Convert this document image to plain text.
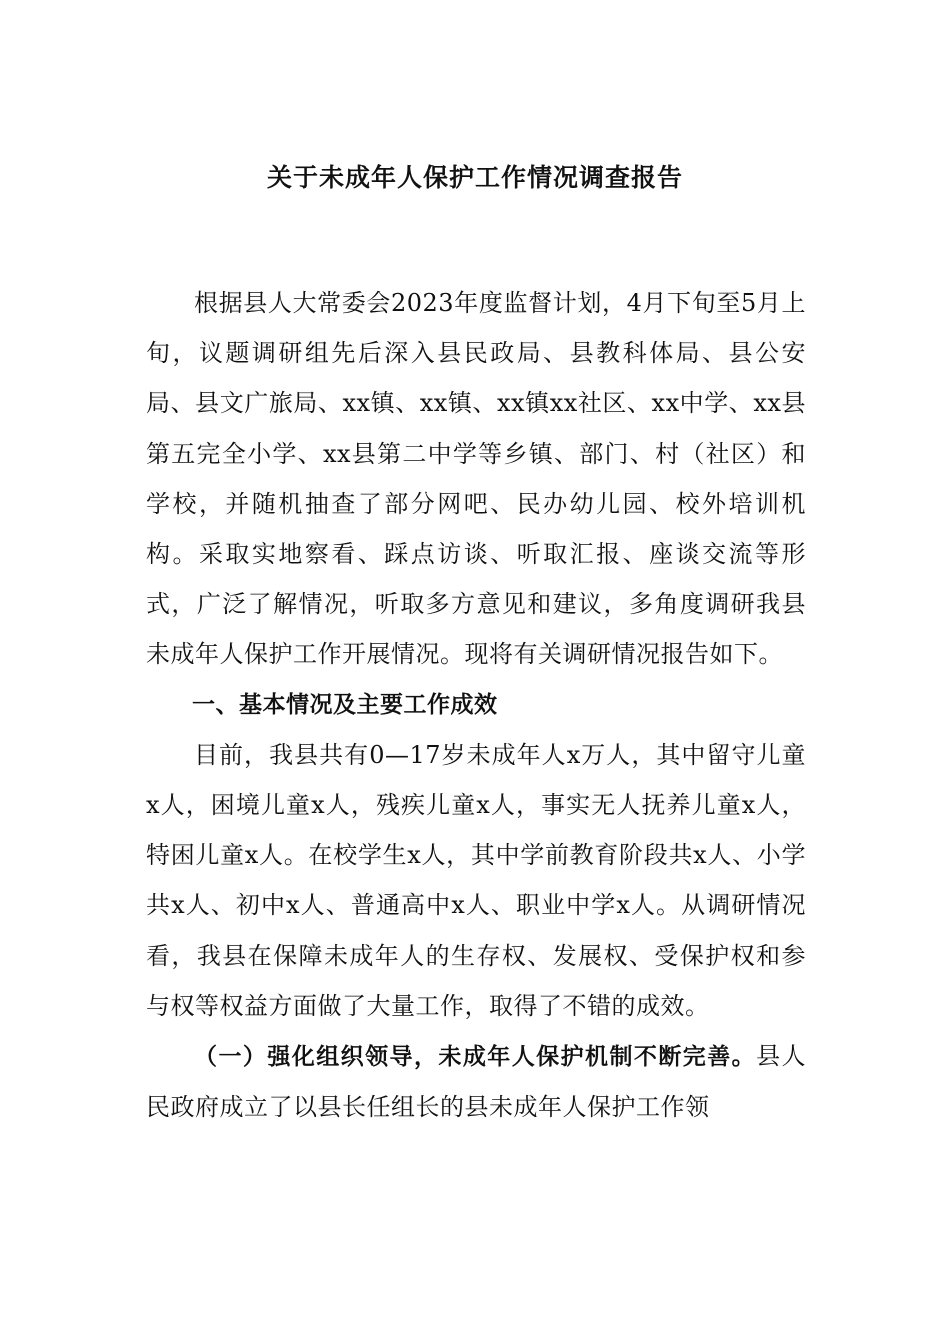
关于未成年人保护工作情况调查报告

根据县人大常委会2023年度监督计划，4月下旬至5月上旬，议题调研组先后深入县民政局、县教科体局、县公安局、县文广旅局、xx镇、xx镇、xx镇xx社区、xx中学、xx县第五完全小学、xx县第二中学等乡镇、部门、村（社区）和学校，并随机抽查了部分网吧、民办幼儿园、校外培训机构。采取实地察看、踩点访谈、听取汇报、座谈交流等形式，广泛了解情况，听取多方意见和建议，多角度调研我县未成年人保护工作开展情况。现将有关调研情况报告如下。

一、基本情况及主要工作成效

目前，我县共有0—17岁未成年人x万人，其中留守儿童x人，困境儿童x人，残疾儿童x人，事实无人抚养儿童x人，特困儿童x人。在校学生x人，其中学前教育阶段共x人、小学共x人、初中x人、普通高中x人、职业中学x人。从调研情况看，我县在保障未成年人的生存权、发展权、受保护权和参与权等权益方面做了大量工作，取得了不错的成效。

（一）强化组织领导，未成年人保护机制不断完善。县人民政府成立了以县长任组长的县未成年人保护工作领
